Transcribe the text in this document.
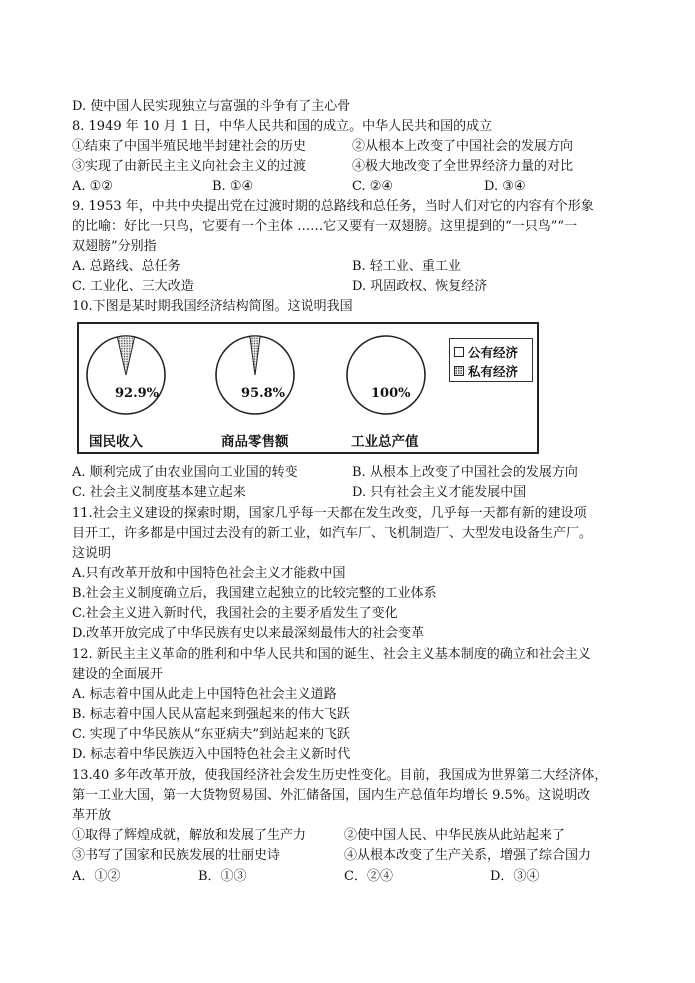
D. 使中国人民实现独立与富强的斗争有了主心骨
8. 1949 年 10 月 1 日，中华人民共和国的成立。中华人民共和国的成立
①结束了中国半殖民地半封建社会的历史	②从根本上改变了中国社会的发展方向
③实现了由新民主主义向社会主义的过渡	④极大地改变了全世界经济力量的对比
A. ①②	B. ①④	C. ②④	D. ③④
9. 1953 年，中共中央提出党在过渡时期的总路线和总任务，当时人们对它的内容有个形象
的比喻：好比一只鸟，它要有一个主体 ……它又要有一双翅膀。这里提到的“一只鸟”“一
双翅膀”分别指
A. 总路线、总任务	B. 轻工业、重工业
C. 工业化、三大改造	D. 巩固政权、恢复经济
10.下图是某时期我国经济结构简图。这说明我国
92.9%	95.8%	100%
国民收入	商品零售额	工业总产值
公有经济
私有经济
A. 顺利完成了由农业国向工业国的转变	B. 从根本上改变了中国社会的发展方向
C. 社会主义制度基本建立起来	D. 只有社会主义才能发展中国
11.社会主义建设的探索时期，国家几乎每一天都在发生改变，几乎每一天都有新的建设项
目开工，许多都是中国过去没有的新工业，如汽车厂、飞机制造厂、大型发电设备生产厂。
这说明
A.只有改革开放和中国特色社会主义才能救中国
B.社会主义制度确立后，我国建立起独立的比较完整的工业体系
C.社会主义进入新时代，我国社会的主要矛盾发生了变化
D.改革开放完成了中华民族有史以来最深刻最伟大的社会变革
12. 新民主主义革命的胜利和中华人民共和国的诞生、社会主义基本制度的确立和社会主义
建设的全面展开
A. 标志着中国从此走上中国特色社会主义道路
B. 标志着中国人民从富起来到强起来的伟大飞跃
C. 实现了中华民族从“东亚病夫”到站起来的飞跃
D. 标志着中华民族迈入中国特色社会主义新时代
13.40 多年改革开放，使我国经济社会发生历史性变化。目前，我国成为世界第二大经济体，
第一工业大国，第一大货物贸易国、外汇储备国，国内生产总值年均增长 9.5%。这说明改
革开放
①取得了辉煌成就，解放和发展了生产力	②使中国人民、中华民族从此站起来了
③书写了国家和民族发展的壮丽史诗	④从根本改变了生产关系，增强了综合国力
A．①②	B．①③	C．②④	D．③④
